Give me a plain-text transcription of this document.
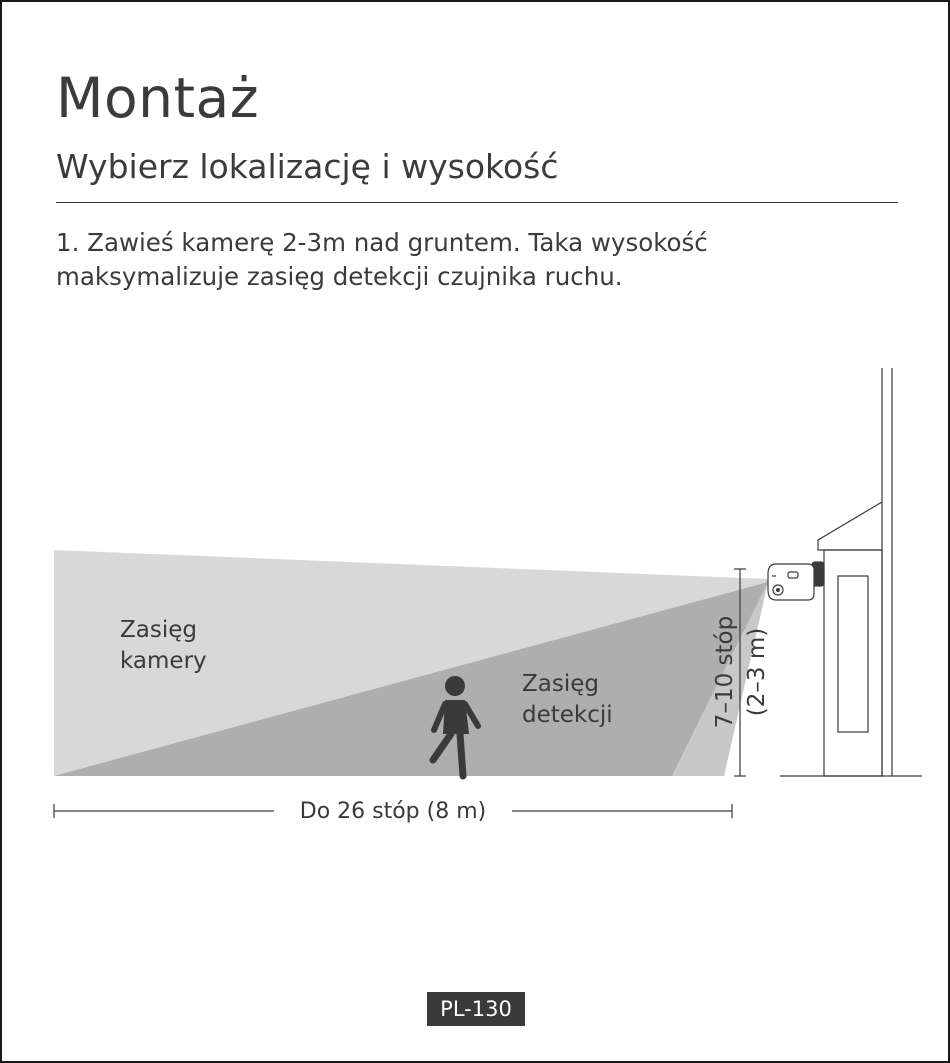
Montaż
Wybierz lokalizację i wysokość

1. Zawieś kamerę 2-3m nad gruntem. Taka wysokość maksymalizuje zasięg detekcji czujnika ruchu.

Zasięg
kamery
Zasięg
detekcji	7–10 stóp (2–3 m)
Do 26 stóp (8 m)
PL-130
